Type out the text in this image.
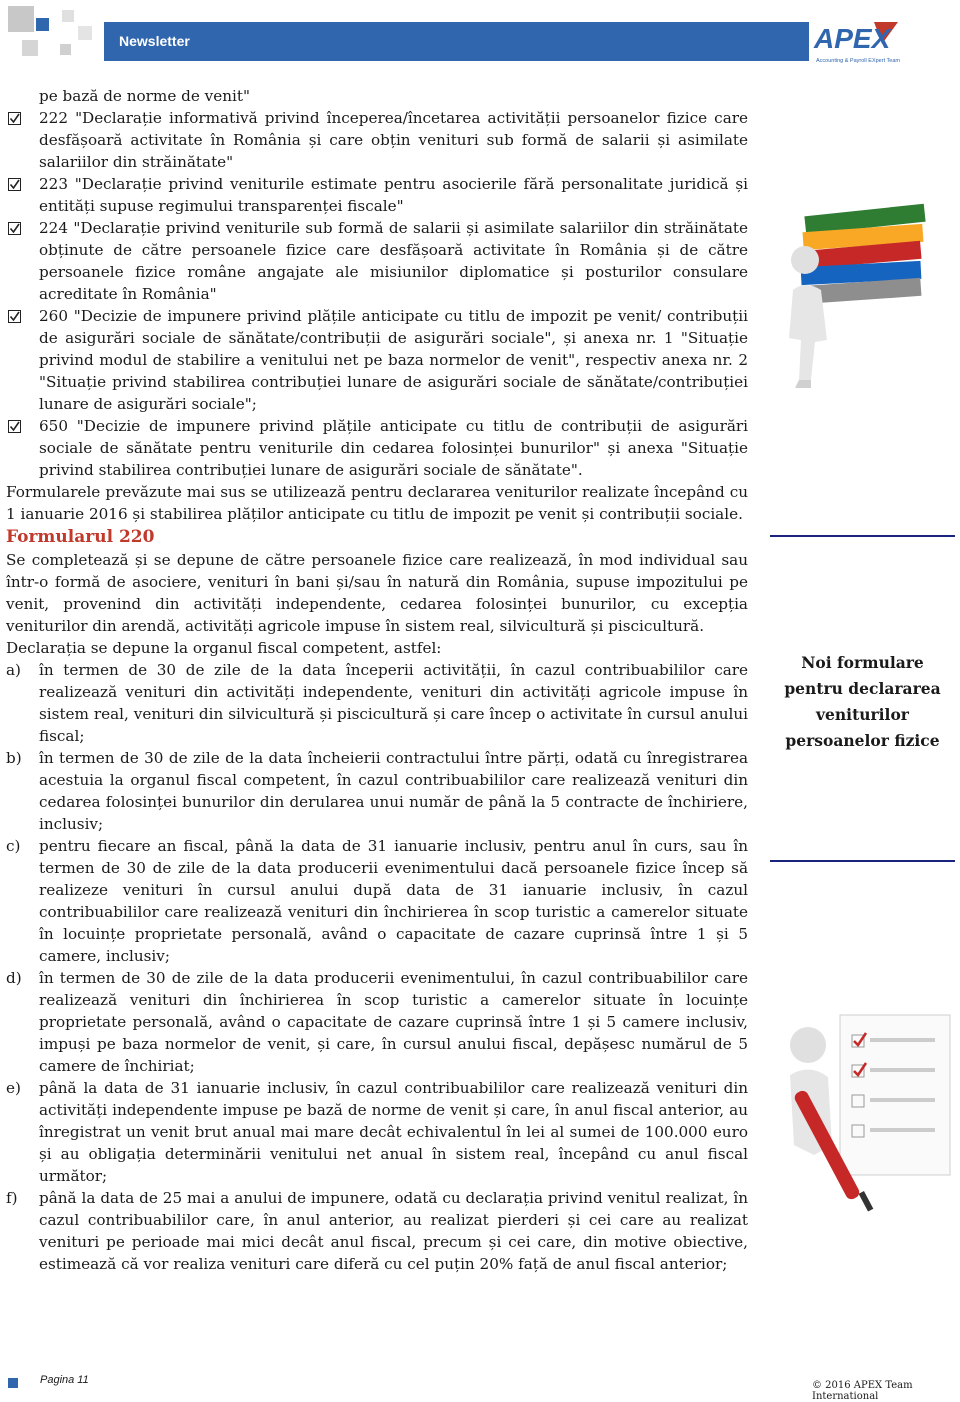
Newsletter	APEX
Accounting & Payroll EXpert Team

pe bază de norme de venit"

222 "Declarație informativă privind începerea/încetarea activității persoanelor fizice care desfășoară activitate în România și care obțin venituri sub formă de salarii și asimilate salariilor din străinătate"
223 "Declarație privind veniturile estimate pentru asocierile fără personalitate juridică și entități supuse regimului transparenței fiscale"
224 "Declarație privind veniturile sub formă de salarii și asimilate salariilor din străinătate obținute de către persoanele fizice care desfășoară activitate în România și de către persoanele fizice române angajate ale misiunilor diplomatice și posturilor consulare acreditate în România"
260 "Decizie de impunere privind plățile anticipate cu titlu de impozit pe venit/ contribuții de asigurări sociale de sănătate/contribuții de asigurări sociale", și anexa nr. 1 "Situație privind modul de stabilire a venitului net pe baza normelor de venit", respectiv anexa nr. 2 "Situație privind stabilirea contribuției lunare de asigurări sociale de sănătate/contribuției lunare de asigurări sociale";
650 "Decizie de impunere privind plățile anticipate cu titlu de contribuții de asigurări sociale de sănătate pentru veniturile din cedarea folosinței bunurilor" și anexa "Situație privind stabilirea contribuției lunare de asigurări sociale de sănătate".

Formularele prevăzute mai sus se utilizează pentru declararea veniturilor realizate începând cu 1 ianuarie 2016 și stabilirea plăților anticipate cu titlu de impozit pe venit și contribuții sociale.

Formularul 220

Se completează și se depune de către persoanele fizice care realizează, în mod individual sau într-o formă de asociere, venituri în bani și/sau în natură din România, supuse impozitului pe venit, provenind din activități independente, cedarea folosinței bunurilor, cu excepția veniturilor din arendă, activități agricole impuse în sistem real, silvicultură și piscicultură.

Declarația se depune la organul fiscal competent, astfel:

a) în termen de 30 de zile de la data începerii activității, în cazul contribuabililor care realizează venituri din activități independente, venituri din activități agricole impuse în sistem real, venituri din silvicultură și piscicultură și care încep o activitate în cursul anului fiscal;
b) în termen de 30 de zile de la data încheierii contractului între părți, odată cu înregistrarea acestuia la organul fiscal competent, în cazul contribuabililor care realizează venituri din cedarea folosinței bunurilor din derularea unui număr de până la 5 contracte de închiriere, inclusiv;
c) pentru fiecare an fiscal, până la data de 31 ianuarie inclusiv, pentru anul în curs, sau în termen de 30 de zile de la data producerii evenimentului dacă persoanele fizice încep să realizeze venituri în cursul anului după data de 31 ianuarie inclusiv, în cazul contribuabililor care realizează venituri din închirierea în scop turistic a camerelor situate în locuințe proprietate personală, având o capacitate de cazare cuprinsă între 1 și 5 camere, inclusiv;
d) în termen de 30 de zile de la data producerii evenimentului, în cazul contribuabililor care realizează venituri din închirierea în scop turistic a camerelor situate în locuințe proprietate personală, având o capacitate de cazare cuprinsă între 1 și 5 camere inclusiv, impuși pe baza normelor de venit, și care, în cursul anului fiscal, depășesc numărul de 5 camere de închiriat;
e) până la data de 31 ianuarie inclusiv, în cazul contribuabililor care realizează venituri din activități independente impuse pe bază de norme de venit și care, în anul fiscal anterior, au înregistrat un venit brut anual mai mare decât echivalentul în lei al sumei de 100.000 euro și au obligația determinării venitului net anual în sistem real, începând cu anul fiscal următor;
f) până la data de 25 mai a anului de impunere, odată cu declarația privind venitul realizat, în cazul contribuabililor care, în anul anterior, au realizat pierderi și cei care au realizat venituri pe perioade mai mici decât anul fiscal, precum și cei care, din motive obiective, estimează că vor realiza venituri care diferă cu cel puțin 20% față de anul fiscal anterior;
Noi formulare pentru declararea veniturilor persoanelor fizice
Pagina 11	© 2016 APEX Team International
